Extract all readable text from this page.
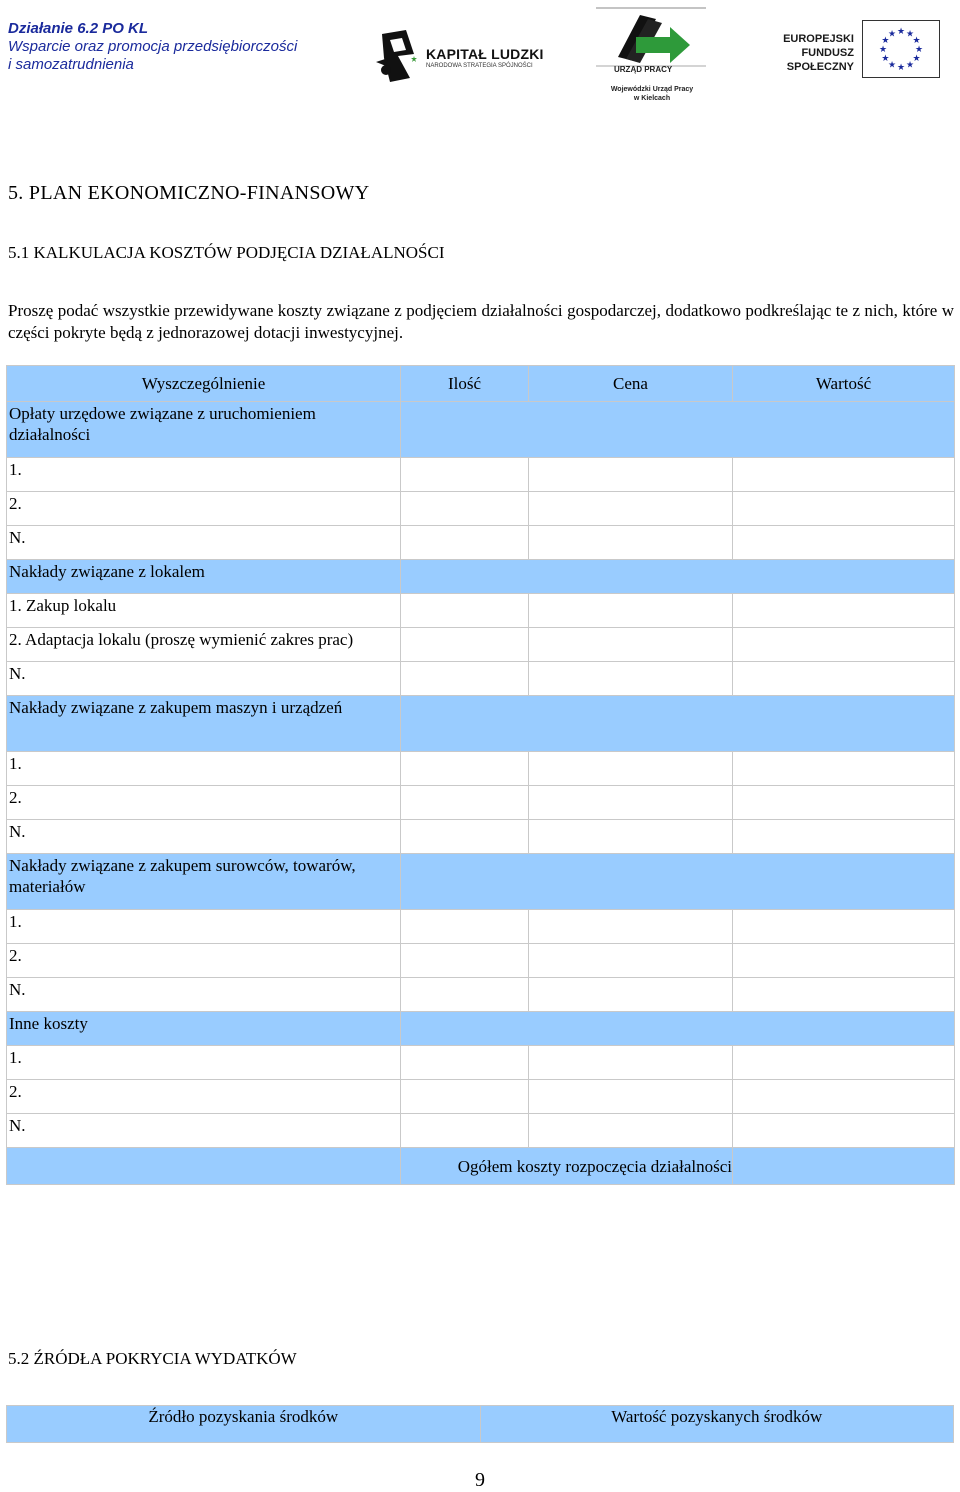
Działanie 6.2 PO KL
Wsparcie oraz promocja przedsiębiorczości
i samozatrudnienia
KAPITAŁ LUDZKI
NARODOWA STRATEGIA SPÓJNOŚCI	URZĄD PRACY
Wojewódzki Urząd Pracy
w Kielcach
EUROPEJSKI
FUNDUSZ SPOŁECZNY
★ ★
★
★
★
★
★
★
★
★
★
★
5. PLAN EKONOMICZNO-FINANSOWY
5.1 KALKULACJA KOSZTÓW PODJĘCIA DZIAŁALNOŚCI

Proszę podać wszystkie przewidywane koszty związane z podjęciem działalności gospodarczej, dodatkowo podkreślając te z nich, które w części pokryte będą z jednorazowej dotacji inwestycyjnej.

Wyszczególnienie	Ilość	Cena	Wartość
Opłaty urzędowe związane z uruchomieniem działalności			
1.			
2.			
N.			
Nakłady związane z lokalem			
1. Zakup lokalu			
2. Adaptacja lokalu (proszę wymienić zakres prac)			
N.			
Nakłady związane z zakupem maszyn i urządzeń			
1.			
2.			
N.			
Nakłady związane z zakupem surowców, towarów, materiałów			
1.			
2.			
N.			
Inne koszty			
1.			
2.			
N.			
	Ogółem koszty rozpoczęcia działalności		
5.2 ŹRÓDŁA POKRYCIA WYDATKÓW
Źródło pozyskania środków	Wartość pozyskanych środków
9
